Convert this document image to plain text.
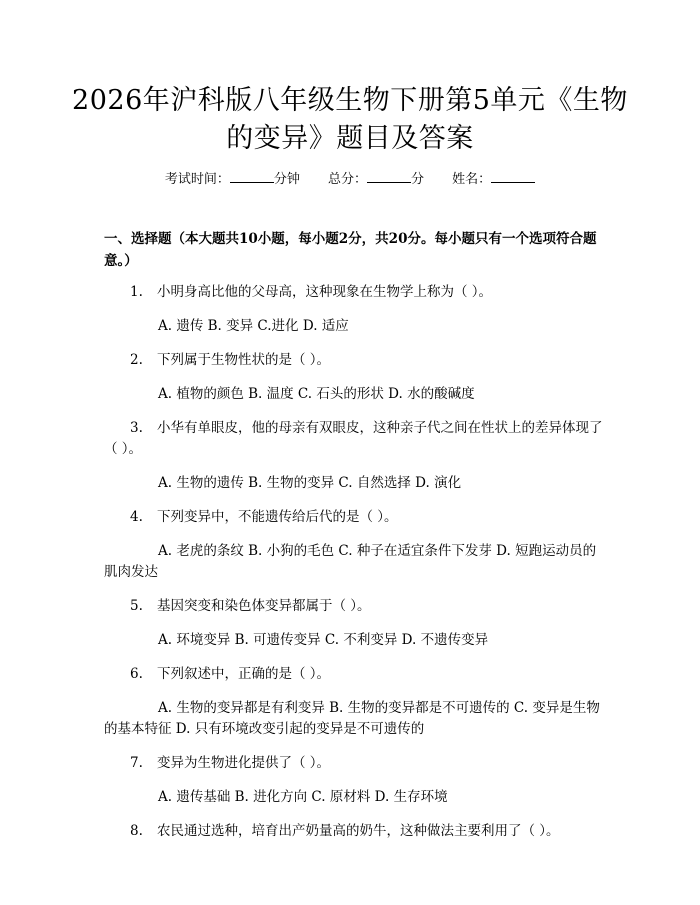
2026年沪科版八年级生物下册第5单元《生物的变异》题目及答案
考试时间：	分钟 总分：	分 姓名：
一、选择题（本大题共10小题，每小题2分，共20分。每小题只有一个选项符合题意。）

1. 小明身高比他的父母高，这种现象在生物学上称为（ ）。

A. 遗传 B. 变异 C.进化 D. 适应

2. 下列属于生物性状的是（ ）。

A. 植物的颜色 B. 温度 C. 石头的形状 D. 水的酸碱度

3. 小华有单眼皮，他的母亲有双眼皮，这种亲子代之间在性状上的差异体现了（ ）。

A. 生物的遗传 B. 生物的变异 C. 自然选择 D. 演化

4. 下列变异中，不能遗传给后代的是（ ）。

A. 老虎的条纹 B. 小狗的毛色 C. 种子在适宜条件下发芽 D. 短跑运动员的肌肉发达

5. 基因突变和染色体变异都属于（ ）。

A. 环境变异 B. 可遗传变异 C. 不利变异 D. 不遗传变异

6. 下列叙述中，正确的是（ ）。

A. 生物的变异都是有利变异 B. 生物的变异都是不可遗传的 C. 变异是生物的基本特征 D. 只有环境改变引起的变异是不可遗传的

7. 变异为生物进化提供了（ ）。

A. 遗传基础 B. 进化方向 C. 原材料 D. 生存环境

8. 农民通过选种，培育出产奶量高的奶牛，这种做法主要利用了（ ）。
